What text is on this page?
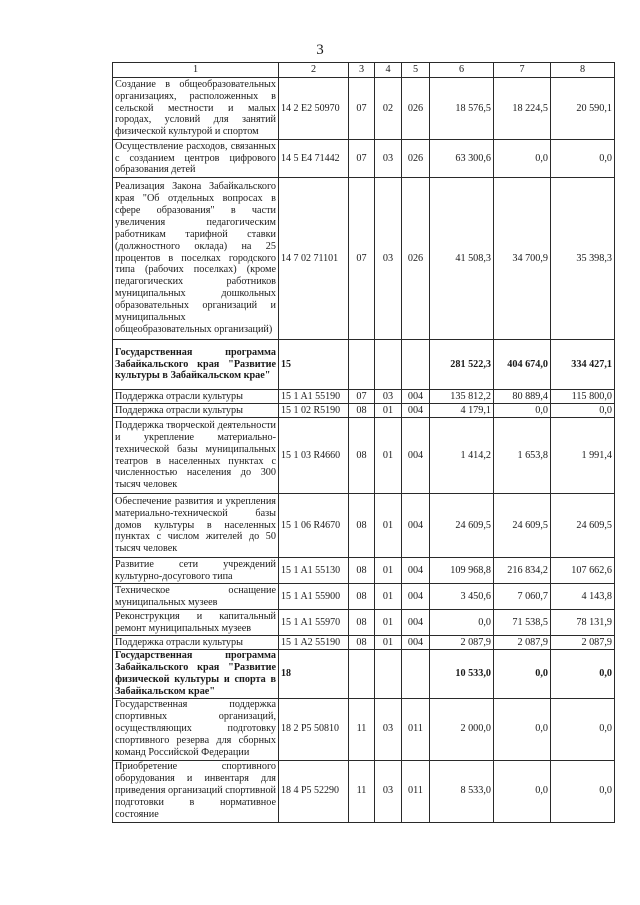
3
1	2	3	4	5	6	7	8
Создание в общеобразовательных организациях, расположенных в сельской местности и малых городах, условий для занятий физической культурой и спортом	14 2 E2 50970	07	02	026	18 576,5	18 224,5	20 590,1
Осуществление расходов, связанных с созданием центров цифрового образования детей	14 5 E4 71442	07	03	026	63 300,6	0,0	0,0
Реализация Закона Забайкальского края "Об отдельных вопросах в сфере образования" в части увеличения педагогическим работникам тарифной ставки (должностного оклада) на 25 процентов в поселках городского типа (рабочих поселках) (кроме педагогических работников муниципальных дошкольных образовательных организаций и муниципальных общеобразовательных организаций)	14 7 02 71101	07	03	026	41 508,3	34 700,9	35 398,3
Государственная программа Забайкальского края "Развитие культуры в Забайкальском крае"	15				281 522,3	404 674,0	334 427,1
Поддержка отрасли культуры	15 1 A1 55190	07	03	004	135 812,2	80 889,4	115 800,0
Поддержка отрасли культуры	15 1 02 R5190	08	01	004	4 179,1	0,0	0,0
Поддержка творческой деятельности и укрепление материально-технической базы муниципальных театров в населенных пунктах с численностью населения до 300 тысяч человек	15 1 03 R4660	08	01	004	1 414,2	1 653,8	1 991,4
Обеспечение развития и укрепления материально-технической базы домов культуры в населенных пунктах с числом жителей до 50 тысяч человек	15 1 06 R4670	08	01	004	24 609,5	24 609,5	24 609,5
Развитие сети учреждений культурно-досугового типа	15 1 A1 55130	08	01	004	109 968,8	216 834,2	107 662,6
Техническое оснащение муниципальных музеев	15 1 A1 55900	08	01	004	3 450,6	7 060,7	4 143,8
Реконструкция и капитальный ремонт муниципальных музеев	15 1 A1 55970	08	01	004	0,0	71 538,5	78 131,9
Поддержка отрасли культуры	15 1 A2 55190	08	01	004	2 087,9	2 087,9	2 087,9
Государственная программа Забайкальского края "Развитие физической культуры и спорта в Забайкальском крае"	18				10 533,0	0,0	0,0
Государственная поддержка спортивных организаций, осуществляющих подготовку спортивного резерва для сборных команд Российской Федерации	18 2 P5 50810	11	03	011	2 000,0	0,0	0,0
Приобретение спортивного оборудования и инвентаря для приведения организаций спортивной подготовки в нормативное состояние	18 4 P5 52290	11	03	011	8 533,0	0,0	0,0
